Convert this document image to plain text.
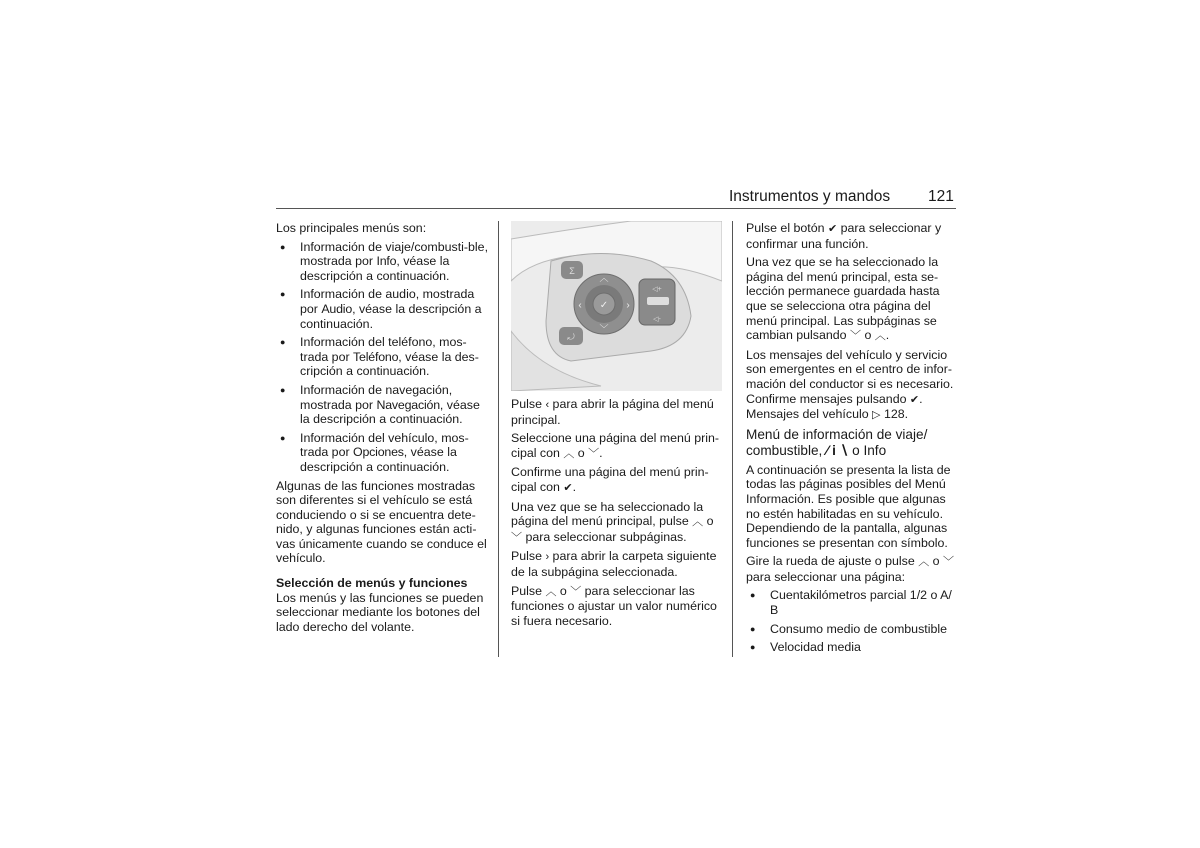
Instrumentos y mandos 121

Los principales menús son:

● Información de viaje/combusti-ble, mostrada por Info, véase la descripción a continuación.
● Información de audio, mostrada por Audio, véase la descripción a continuación.
● Información del teléfono, mos-trada por Teléfono, véase la des-cripción a continuación.
● Información de navegación, mostrada por Navegación, véase la descripción a continuación.
● Información del vehículo, mos-trada por Opciones, véase la descripción a continuación.

Algunas de las funciones mostradas son diferentes si el vehículo se está conduciendo o si se encuentra dete-nido, y algunas funciones están acti-vas únicamente cuando se conduce el vehículo.

Selección de menús y funciones

Los menús y las funciones se pueden seleccionar mediante los botones del lado derecho del volante.

Σ
⤾
✓
︿
﹀
‹	›
◁+
◁-

Pulse ‹ para abrir la página del menú principal.

Seleccione una página del menú prin-cipal con ︿ o ﹀.

Confirme una página del menú prin-cipal con ✔.

Una vez que se ha seleccionado la página del menú principal, pulse ︿ o ﹀ para seleccionar subpáginas.

Pulse › para abrir la carpeta siguiente de la subpágina seleccionada.

Pulse ︿ o ﹀ para seleccionar las funciones o ajustar un valor numérico si fuera necesario.

Pulse el botón ✔ para seleccionar y confirmar una función.

Una vez que se ha seleccionado la página del menú principal, esta se-lección permanece guardada hasta que se selecciona otra página del menú principal. Las subpáginas se cambian pulsando ﹀ o ︿.

Los mensajes del vehículo y servicio son emergentes en el centro de infor-mación del conductor si es necesario. Confirme mensajes pulsando ✔. Mensajes del vehículo ▷ 128.

Menú de información de viaje/ combustible, ⁄ i ∖ o Info

A continuación se presenta la lista de todas las páginas posibles del Menú Información. Es posible que algunas no estén habilitadas en su vehículo. Dependiendo de la pantalla, algunas funciones se presentan con símbolo.

Gire la rueda de ajuste o pulse ︿ o ﹀ para seleccionar una página:

● Cuentakilómetros parcial 1/2 o A/ B
● Consumo medio de combustible
● Velocidad media
